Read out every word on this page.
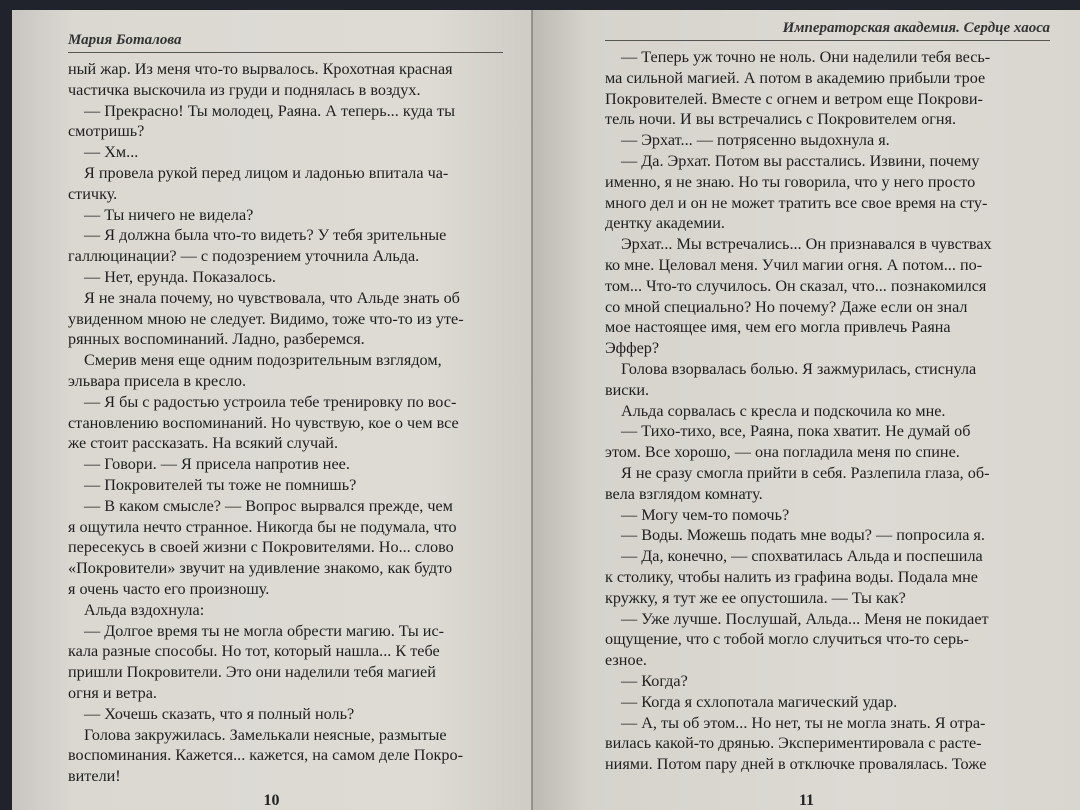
Мария Боталова

ный жар. Из меня что-то вырвалось. Крохотная красная

частичка выскочила из груди и поднялась в воздух.

— Прекрасно! Ты молодец, Раяна. А теперь... куда ты

смотришь?

— Хм...

Я провела рукой перед лицом и ладонью впитала ча-

стичку.

— Ты ничего не видела?

— Я должна была что-то видеть? У тебя зрительные

галлюцинации? — с подозрением уточнила Альда.

— Нет, ерунда. Показалось.

Я не знала почему, но чувствовала, что Альде знать об

увиденном мною не следует. Видимо, тоже что-то из утe-

рянных воспоминаний. Ладно, разберемся.

Смерив меня еще одним подозрительным взглядом,

эльвара присела в кресло.

— Я бы с радостью устроила тебе тренировку по вос-

становлению воспоминаний. Но чувствую, кое о чем все

же стоит рассказать. На всякий случай.

— Говори. — Я присела напротив нее.

— Покровителей ты тоже не помнишь?

— В каком смысле? — Вопрос вырвался прежде, чем

я ощутила нечто странное. Никогда бы не подумала, что

пересекусь в своей жизни с Покровителями. Но... слово

«Покровители» звучит на удивление знакомо, как будто

я очень часто его произношу.

Альда вздохнула:

— Долгое время ты не могла обрести магию. Ты ис-

кала разные способы. Но тот, который нашла... К тебе

пришли Покровители. Это они наделили тебя магией

огня и ветра.

— Хочешь сказать, что я полный ноль?

Голова закружилась. Замелькали неясные, размытые

воспоминания. Кажется... кажется, на самом деле Покро-

вители!

10
Императорская академия. Сердце хаоса

— Теперь уж точно не ноль. Они наделили тебя весь-

ма сильной магией. А потом в академию прибыли трое

Покровителей. Вместе с огнем и ветром еще Покрови-

тель ночи. И вы встречались с Покровителем огня.

— Эрхат... — потрясенно выдохнула я.

— Да. Эрхат. Потом вы расстались. Извини, почему

именно, я не знаю. Но ты говорила, что у него просто

много дел и он не может тратить все свое время на сту-

дентку академии.

Эрхат... Мы встречались... Он признавался в чувствах

ко мне. Целовал меня. Учил магии огня. А потом... по-

том... Что-то случилось. Он сказал, что... познакомился

со мной специально? Но почему? Даже если он знал

мое настоящее имя, чем его могла привлечь Раяна

Эффер?

Голова взорвалась болью. Я зажмурилась, стиснула

виски.

Альда сорвалась с кресла и подскочила ко мне.

— Тихо-тихо, все, Раяна, пока хватит. Не думай об

этом. Все хорошо, — она погладила меня по спине.

Я не сразу смогла прийти в себя. Разлепила глаза, об-

вела взглядом комнату.

— Могу чем-то помочь?

— Воды. Можешь подать мне воды? — попросила я.

— Да, конечно, — спохватилась Альда и поспешила

к столику, чтобы налить из графина воды. Подала мне

кружку, я тут же ее опустошила. — Ты как?

— Уже лучше. Послушай, Альда... Меня не покидает

ощущение, что с тобой могло случиться что-то серь-

езное.

— Когда?

— Когда я схлопотала магический удар.

— А, ты об этом... Но нет, ты не могла знать. Я отра-

вилась какой-то дрянью. Экспериментировала с расте-

ниями. Потом пару дней в отключке провалялась. Тоже

11
